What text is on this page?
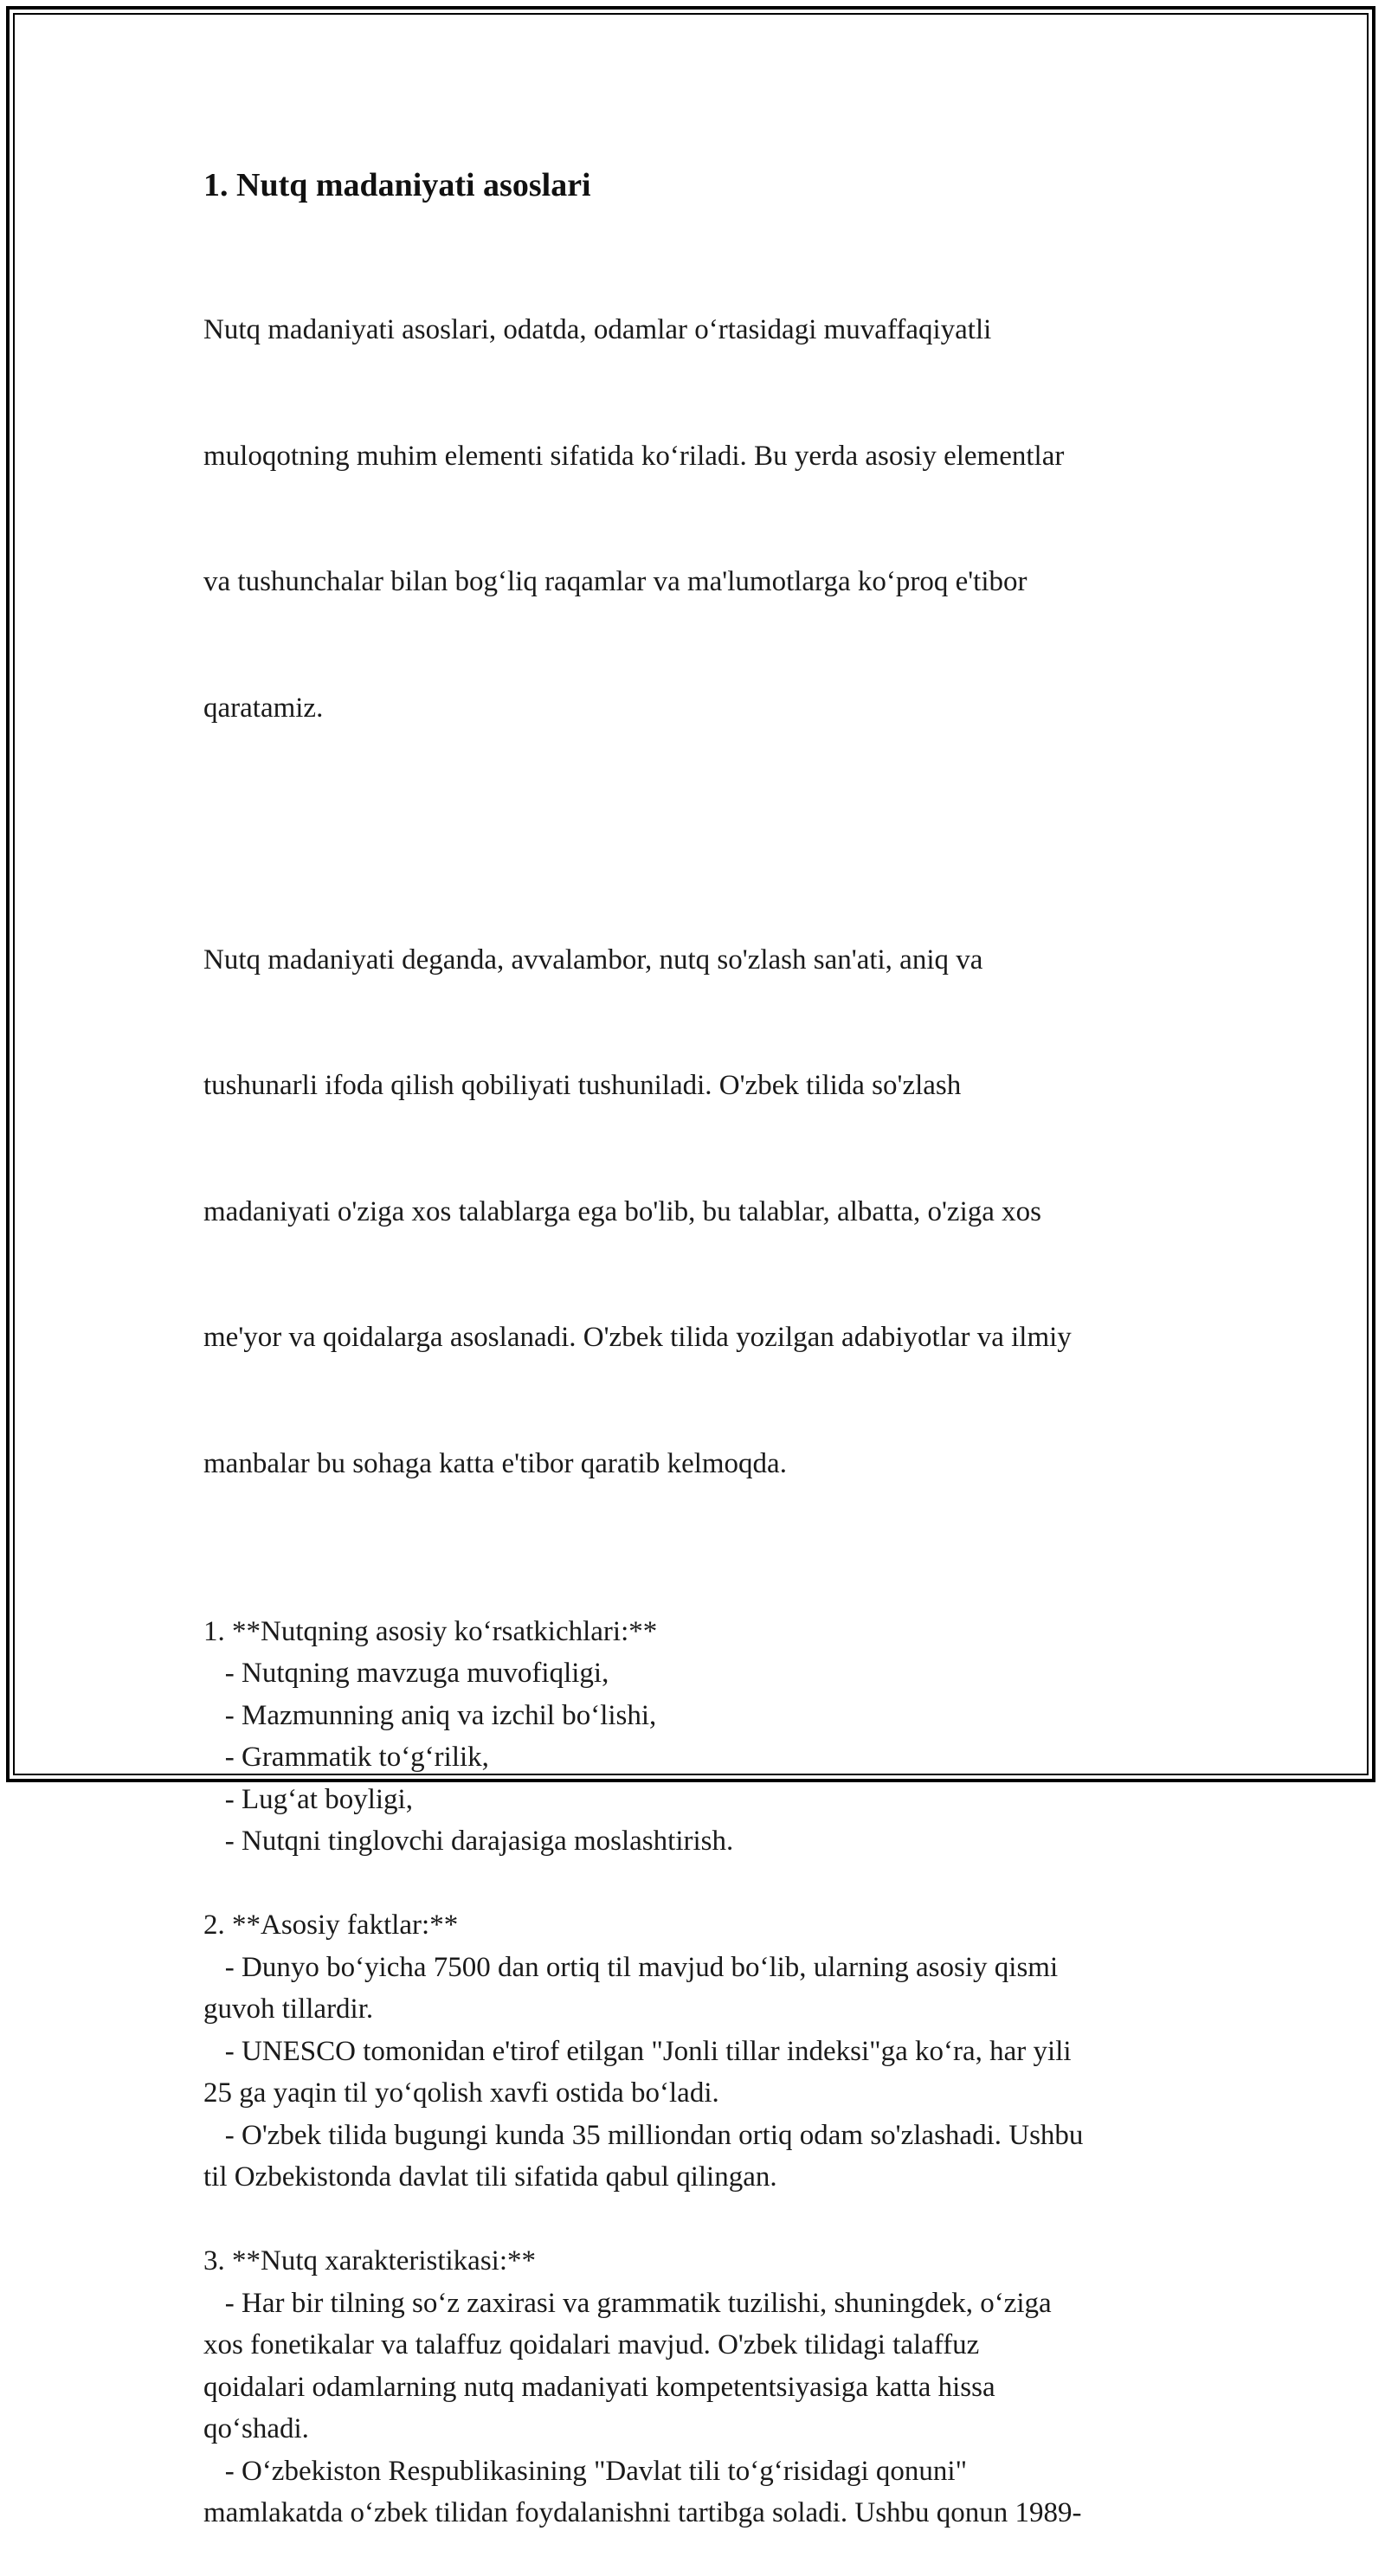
1. Nutq madaniyati asoslari

Nutq madaniyati asoslari, odatda, odamlar o‘rtasidagi muvaffaqiyatli

muloqotning muhim elementi sifatida ko‘riladi. Bu yerda asosiy elementlar

va tushunchalar bilan bog‘liq raqamlar va ma'lumotlarga ko‘proq e'tibor

qaratamiz.

Nutq madaniyati deganda, avvalambor, nutq so'zlash san'ati, aniq va

tushunarli ifoda qilish qobiliyati tushuniladi. O'zbek tilida so'zlash

madaniyati o'ziga xos talablarga ega bo'lib, bu talablar, albatta, o'ziga xos

me'yor va qoidalarga asoslanadi. O'zbek tilida yozilgan adabiyotlar va ilmiy

manbalar bu sohaga katta e'tibor qaratib kelmoqda.

1. **Nutqning asosiy ko‘rsatkichlari:**
- Nutqning mavzuga muvofiqligi,
- Mazmunning aniq va izchil bo‘lishi,
- Grammatik to‘g‘rilik,
- Lug‘at boyligi,
- Nutqni tinglovchi darajasiga moslashtirish.
2. **Asosiy faktlar:**
- Dunyo bo‘yicha 7500 dan ortiq til mavjud bo‘lib, ularning asosiy qismi
guvoh tillardir.
- UNESCO tomonidan e'tirof etilgan "Jonli tillar indeksi"ga ko‘ra, har yili
25 ga yaqin til yo‘qolish xavfi ostida bo‘ladi.
- O'zbek tilida bugungi kunda 35 milliondan ortiq odam so'zlashadi. Ushbu
til Ozbekistonda davlat tili sifatida qabul qilingan.
3. **Nutq xarakteristikasi:**
- Har bir tilning so‘z zaxirasi va grammatik tuzilishi, shuningdek, o‘ziga
xos fonetikalar va talaffuz qoidalari mavjud. O'zbek tilidagi talaffuz
qoidalari odamlarning nutq madaniyati kompetentsiyasiga katta hissa
qo‘shadi.
- O‘zbekiston Respublikasining "Davlat tili to‘g‘risidagi qonuni"
mamlakatda o‘zbek tilidan foydalanishni tartibga soladi. Ushbu qonun 1989-
